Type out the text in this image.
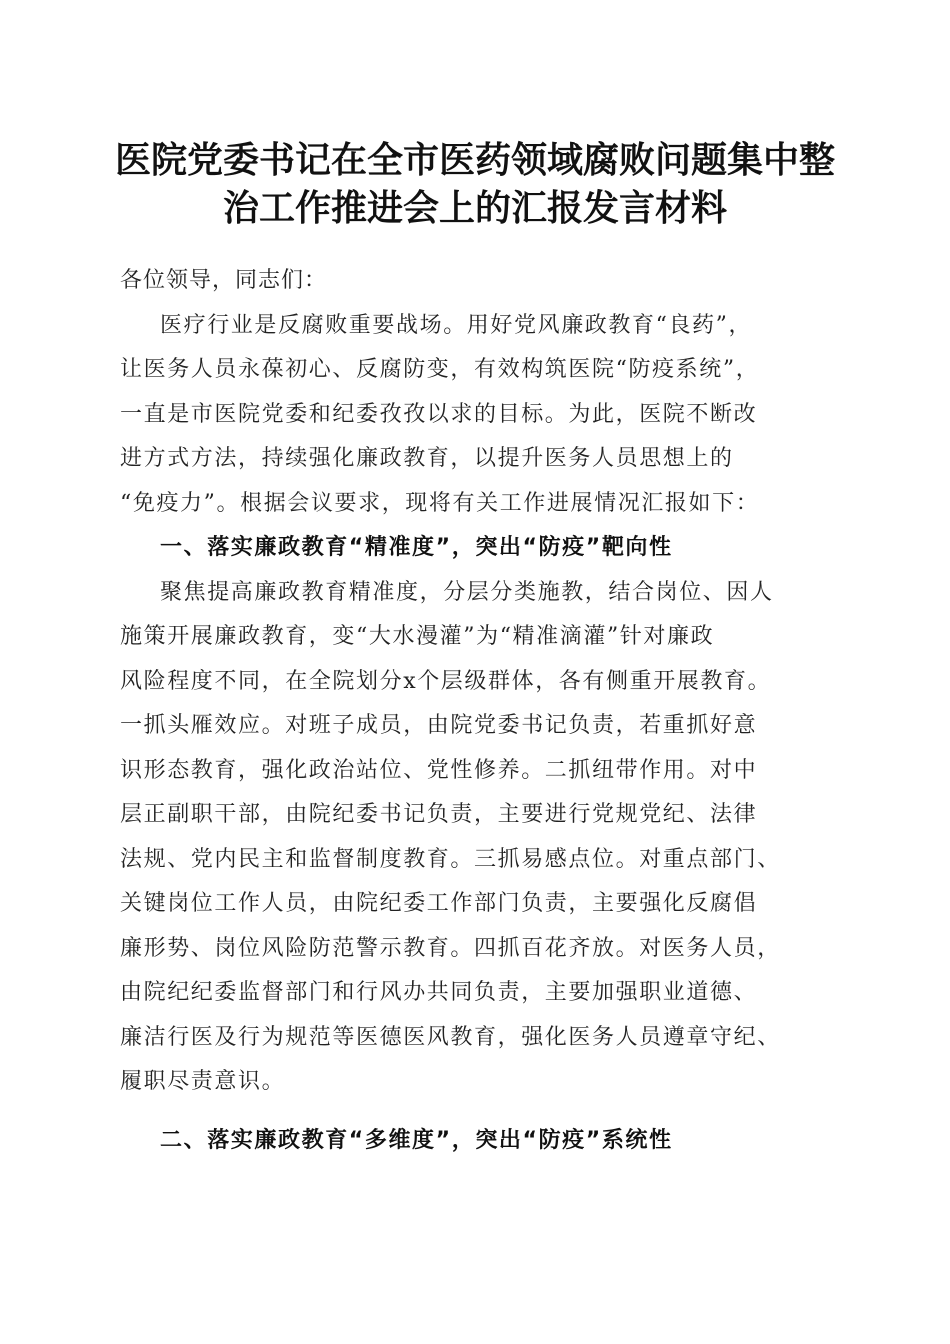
医院党委书记在全市医药领域腐败问题集中整
治工作推进会上的汇报发言材料

各位领导，同志们：

医疗行业是反腐败重要战场。用好党风廉政教育“良药”，
让医务人员永葆初心、反腐防变，有效构筑医院“防疫系统”，
一直是市医院党委和纪委孜孜以求的目标。为此，医院不断改
进方式方法，持续强化廉政教育，以提升医务人员思想上的
“免疫力”。根据会议要求，现将有关工作进展情况汇报如下：

一、落实廉政教育“精准度”，突出“防疫”靶向性

聚焦提高廉政教育精准度，分层分类施教，结合岗位、因人
施策开展廉政教育，变“大水漫灌”为“精准滴灌”针对廉政
风险程度不同，在全院划分x个层级群体，各有侧重开展教育。
一抓头雁效应。对班子成员，由院党委书记负责，若重抓好意
识形态教育，强化政治站位、党性修养。二抓纽带作用。对中
层正副职干部，由院纪委书记负责，主要进行党规党纪、法律
法规、党内民主和监督制度教育。三抓易感点位。对重点部门、
关键岗位工作人员，由院纪委工作部门负责，主要强化反腐倡
廉形势、岗位风险防范警示教育。四抓百花齐放。对医务人员，
由院纪纪委监督部门和行风办共同负责，主要加强职业道德、
廉洁行医及行为规范等医德医风教育，强化医务人员遵章守纪、
履职尽责意识。

二、落实廉政教育“多维度”，突出“防疫”系统性
